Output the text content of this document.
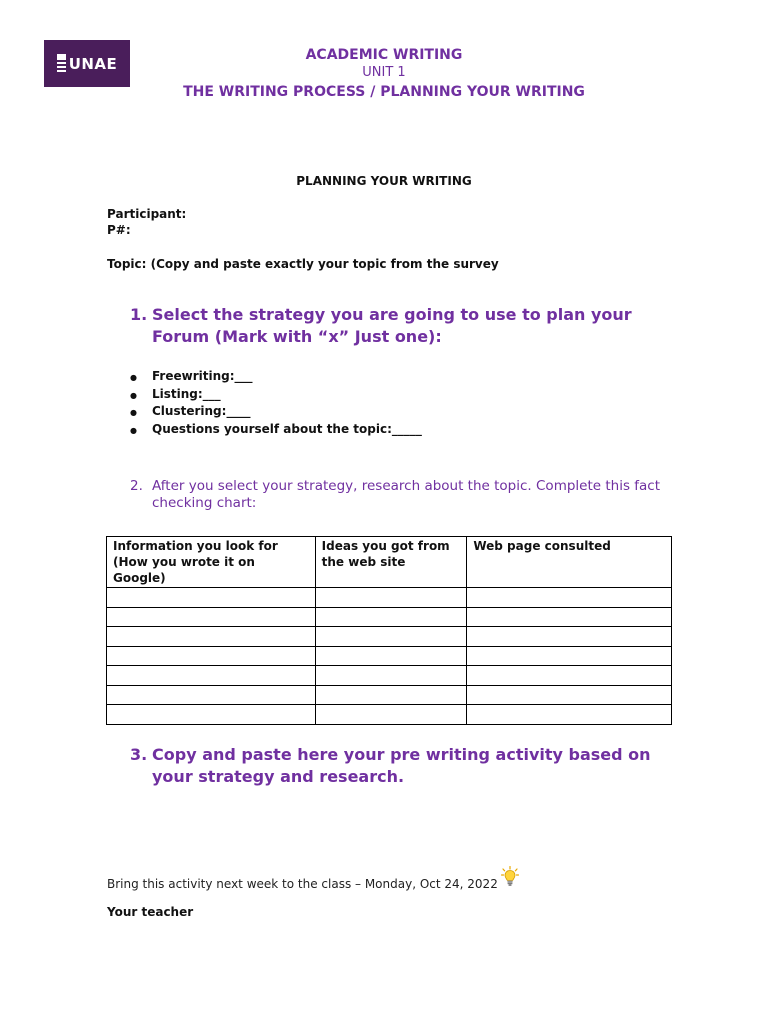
UNAE	ACADEMIC WRITING
UNIT 1
THE WRITING PROCESS / PLANNING YOUR WRITING
PLANNING YOUR WRITING
Participant:
P#:
Topic: (Copy and paste exactly your topic from the survey
1. Select the strategy you are going to use to plan your Forum (Mark with “x” Just one):
● Freewriting:___
● Listing:___
● Clustering:____
● Questions yourself about the topic:_____
2. After you select your strategy, research about the topic. Complete this fact checking chart:
Information you look for (How you wrote it on Google)	Ideas you got from the web site	Web page consulted

3. Copy and paste here your pre writing activity based on your strategy and research.
Bring this activity next week to the class – Monday, Oct 24, 2022
Your teacher
